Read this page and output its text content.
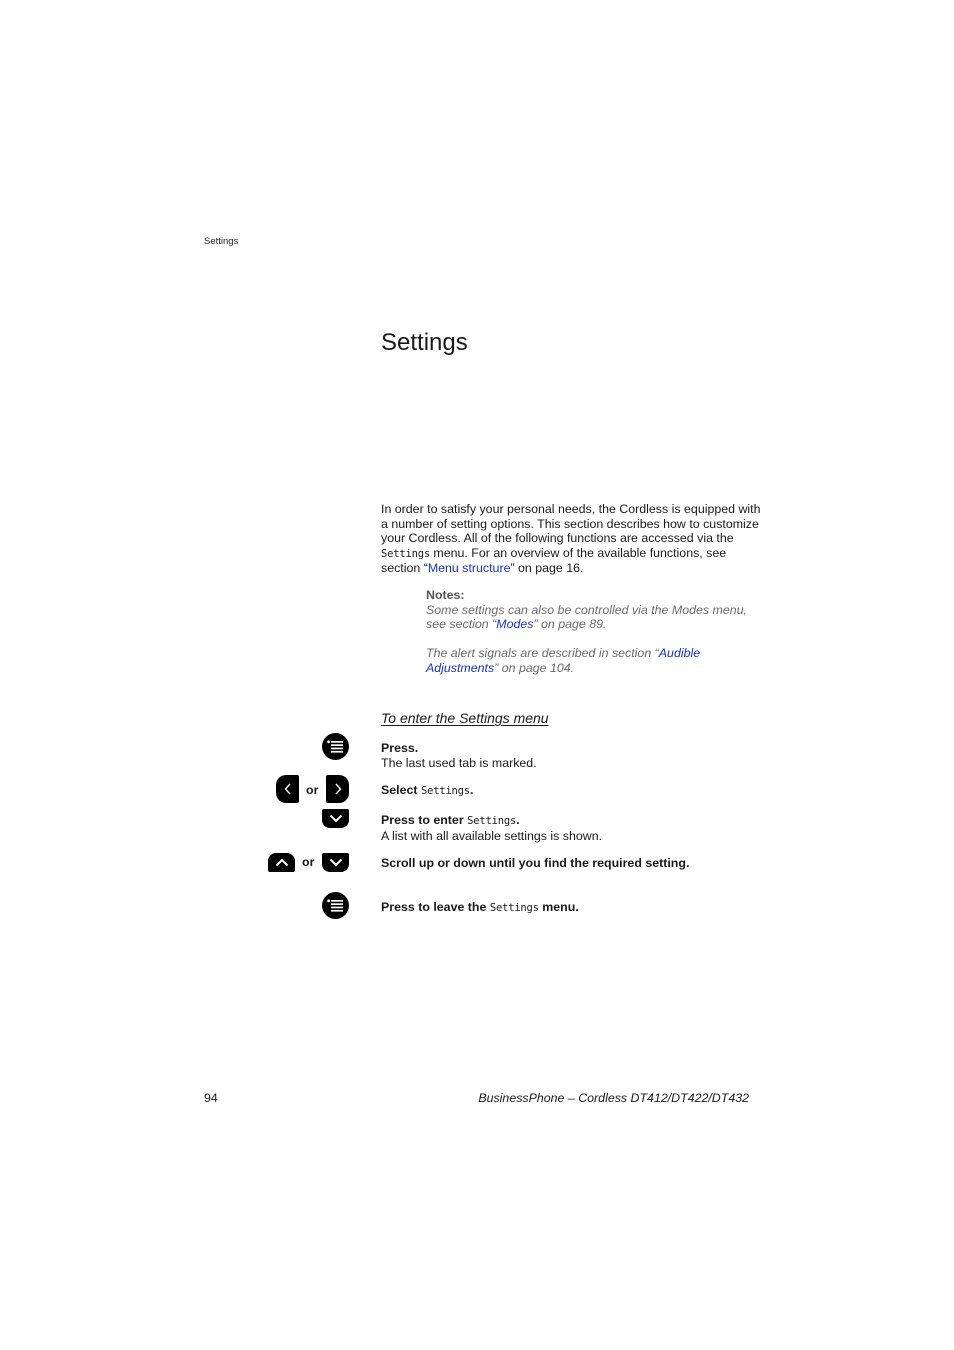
Settings
Settings

In order to satisfy your personal needs, the Cordless is equipped with a number of setting options. This section describes how to customize your Cordless. All of the following functions are accessed via the Settings menu. For an overview of the available functions, see section “Menu structure” on page 16.

Notes:

Some settings can also be controlled via the Modes menu, see section “Modes” on page 89.

The alert signals are described in section “Audible Adjustments” on page 104.

To enter the Settings menu
Press.
The last used tab is marked.
or	Select Settings.
Press to enter Settings.
A list with all available settings is shown.
or	Scroll up or down until you find the required setting.
Press to leave the Settings menu.
94	BusinessPhone – Cordless DT412/DT422/DT432
